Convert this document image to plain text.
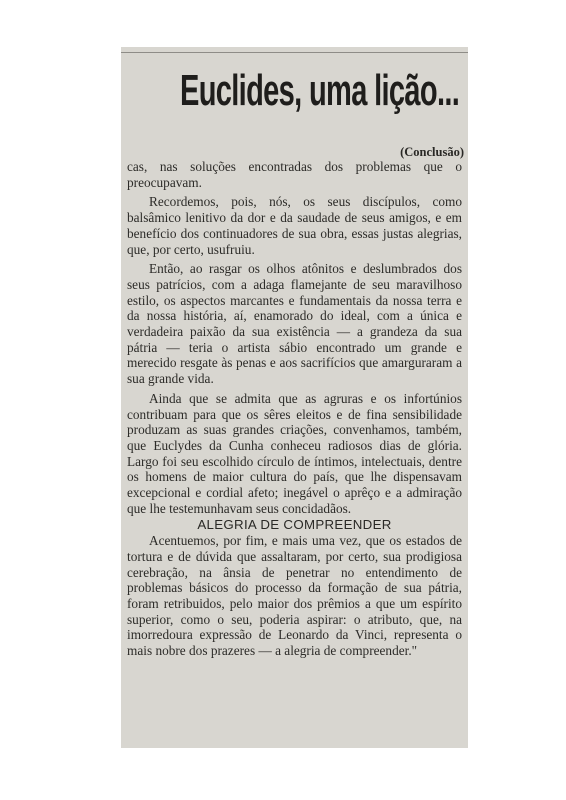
Euclides, uma lição...
(Conclusão)

cas, nas soluções encontradas dos problemas que o preocupavam.

Recordemos, pois, nós, os seus discípulos, como balsâmico lenitivo da dor e da saudade de seus amigos, e em benefício dos continuadores de sua obra, essas justas alegrias, que, por certo, usufruiu.

Então, ao rasgar os olhos atônitos e deslumbrados dos seus patrícios, com a adaga flamejante de seu maravilhoso estilo, os aspectos marcantes e fundamentais da nossa terra e da nossa história, aí, enamorado do ideal, com a única e verdadeira paixão da sua existência — a grandeza da sua pátria — teria o artista sábio encontrado um grande e merecido resgate às penas e aos sacrifícios que amarguraram a sua grande vida.

Ainda que se admita que as agruras e os infortúnios contribuam para que os sêres eleitos e de fina sensibilidade produzam as suas grandes criações, convenhamos, também, que Euclydes da Cunha conheceu radiosos dias de glória. Largo foi seu escolhido círculo de íntimos, intelectuais, dentre os homens de maior cultura do país, que lhe dispensavam excepcional e cordial afeto; inegável o aprêço e a admiração que lhe testemunhavam seus concidadãos.

ALEGRIA DE COMPREENDER

Acentuemos, por fim, e mais uma vez, que os estados de tortura e de dúvida que assaltaram, por certo, sua prodigiosa cerebração, na ânsia de penetrar no entendimento de problemas básicos do processo da formação de sua pátria, foram retribuidos, pelo maior dos prêmios a que um espírito superior, como o seu, poderia aspirar: o atributo, que, na imorredoura expressão de Leonardo da Vinci, representa o mais nobre dos prazeres — a alegria de compreender."
